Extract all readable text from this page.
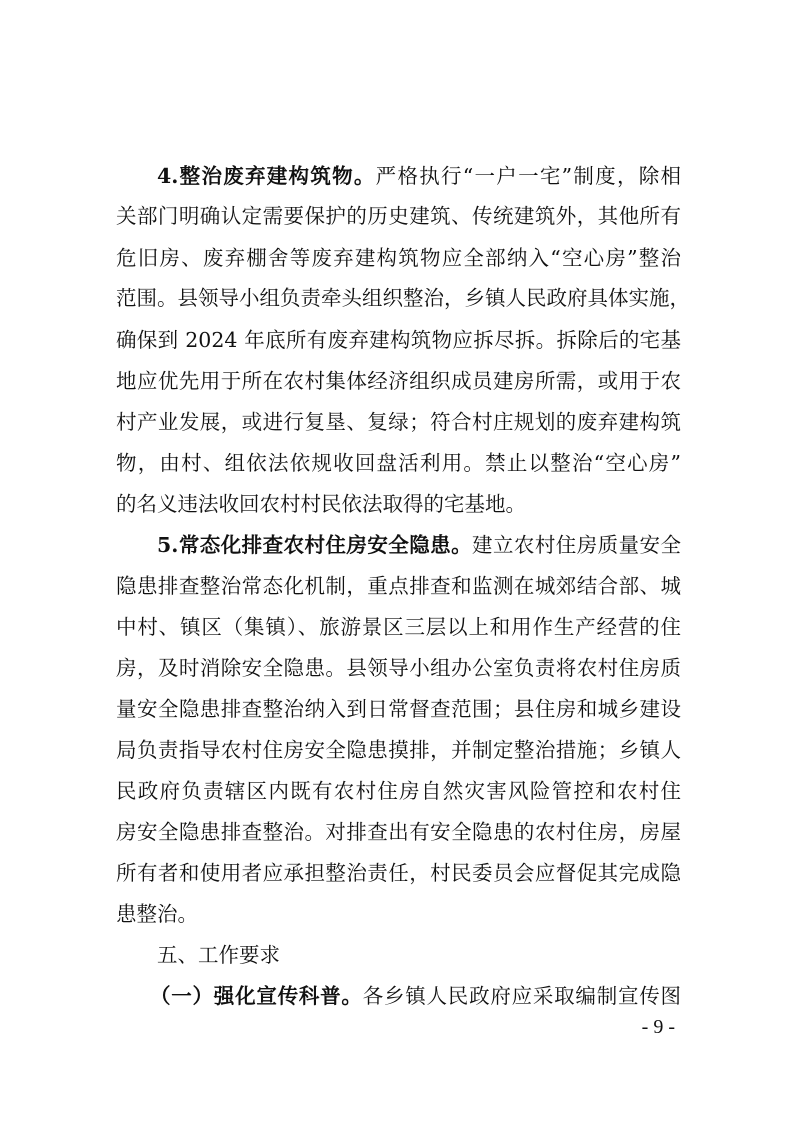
4.整治废弃建构筑物。严格执行“一户一宅”制度，除相
关部门明确认定需要保护的历史建筑、传统建筑外，其他所有
危旧房、废弃棚舍等废弃建构筑物应全部纳入“空心房”整治
范围。县领导小组负责牵头组织整治，乡镇人民政府具体实施，
确保到 2024 年底所有废弃建构筑物应拆尽拆。拆除后的宅基
地应优先用于所在农村集体经济组织成员建房所需，或用于农
村产业发展，或进行复垦、复绿；符合村庄规划的废弃建构筑
物，由村、组依法依规收回盘活利用。禁止以整治“空心房”
的名义违法收回农村村民依法取得的宅基地。
5.常态化排查农村住房安全隐患。建立农村住房质量安全
隐患排查整治常态化机制，重点排查和监测在城郊结合部、城
中村、镇区（集镇）、旅游景区三层以上和用作生产经营的住
房，及时消除安全隐患。县领导小组办公室负责将农村住房质
量安全隐患排查整治纳入到日常督查范围；县住房和城乡建设
局负责指导农村住房安全隐患摸排，并制定整治措施；乡镇人
民政府负责辖区内既有农村住房自然灾害风险管控和农村住
房安全隐患排查整治。对排查出有安全隐患的农村住房，房屋
所有者和使用者应承担整治责任，村民委员会应督促其完成隐
患整治。
五、工作要求
（一）强化宣传科普。各乡镇人民政府应采取编制宣传图
- 9 -
